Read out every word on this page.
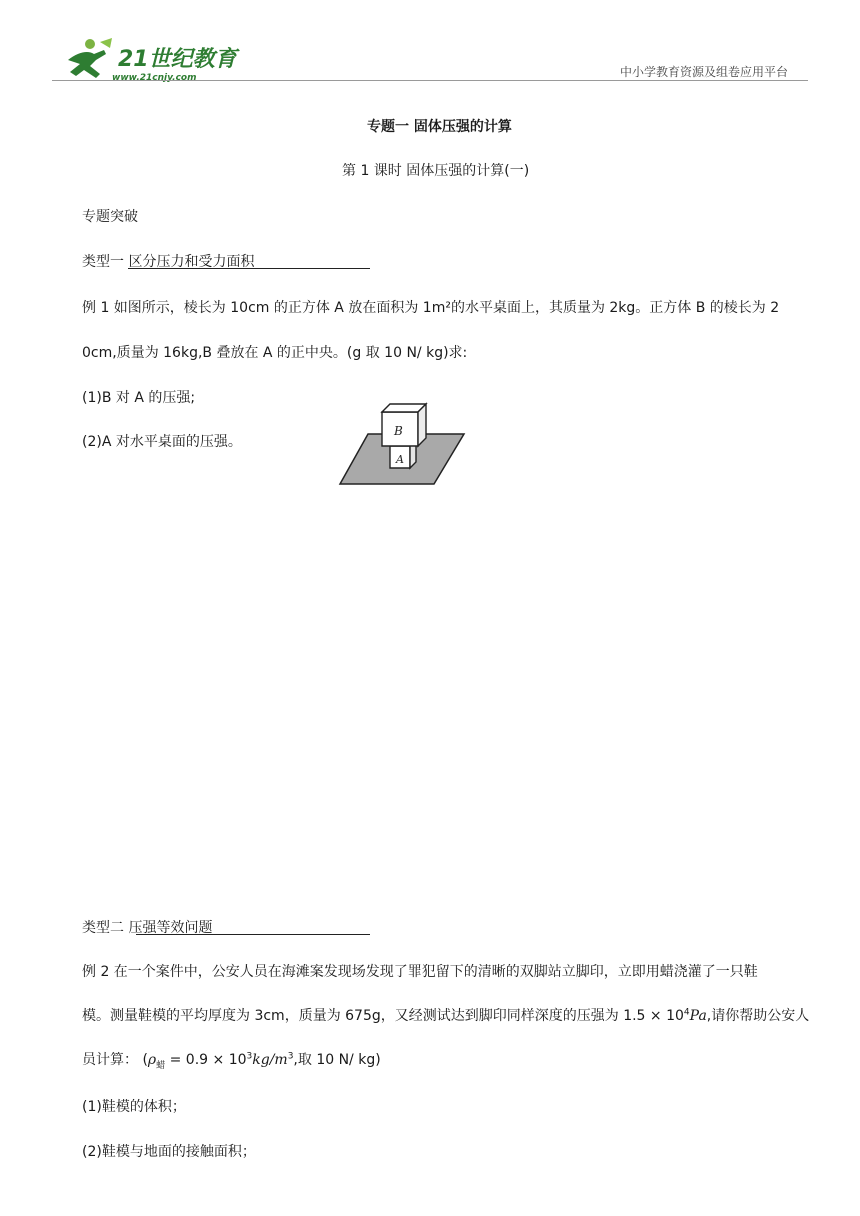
21世纪教育
www.21cnjy.com	中小学教育资源及组卷应用平台
专题一 固体压强的计算
第 1 课时 固体压强的计算(一)
专题突破
类型一 区分压力和受力面积
例 1 如图所示，棱长为 10cm 的正方体 A 放在面积为 1m²的水平桌面上，其质量为 2kg。正方体 B 的棱长为 2
0cm,质量为 16kg,B 叠放在 A 的正中央。(g 取 10 N/ kg)求:
(1)B 对 A 的压强;
(2)A 对水平桌面的压强。
A
B
类型二 压强等效问题
例 2 在一个案件中，公安人员在海滩案发现场发现了罪犯留下的清晰的双脚站立脚印，立即用蜡浇灌了一只鞋
模。测量鞋模的平均厚度为 3cm，质量为 675g，又经测试达到脚印同样深度的压强为 $1.5 \times 10^4Pa$,请你帮助公安人
员计算： ($\rho_蜡 = 0.9 \times 10^3kg/m^3$,取 10 N/ kg)
(1)鞋模的体积；
(2)鞋模与地面的接触面积；
